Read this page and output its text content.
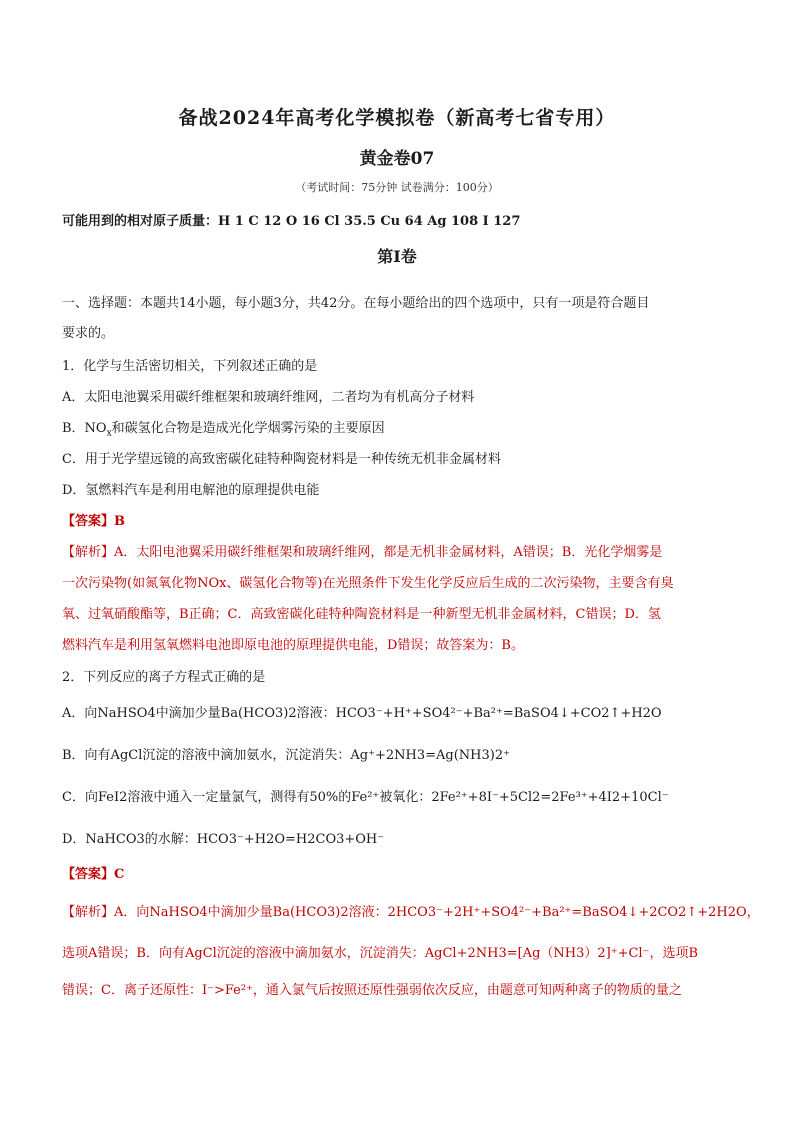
备战2024年高考化学模拟卷（新高考七省专用）
黄金卷07
（考试时间：75分钟 试卷满分：100分）
可能用到的相对原子质量：H 1 C 12 O 16 Cl 35.5 Cu 64 Ag 108 I 127
第Ⅰ卷
一、选择题：本题共14小题，每小题3分，共42分。在每小题给出的四个选项中，只有一项是符合题目
要求的。
1．化学与生活密切相关，下列叙述正确的是
A．太阳电池翼采用碳纤维框架和玻璃纤维网，二者均为有机高分子材料
B．$NO_x$和碳氢化合物是造成光化学烟雾污染的主要原因
C．用于光学望远镜的高致密碳化硅特种陶瓷材料是一种传统无机非金属材料
D．氢燃料汽车是利用电解池的原理提供电能
【答案】B
【解析】A．太阳电池翼采用碳纤维框架和玻璃纤维网，都是无机非金属材料，A错误；B．光化学烟雾是
一次污染物(如氮氧化物NOx、碳氢化合物等)在光照条件下发生化学反应后生成的二次污染物，主要含有臭
氧、过氧硝酸酯等，B正确；C．高致密碳化硅特种陶瓷材料是一种新型无机非金属材料，C错误；D．氢
燃料汽车是利用氢氧燃料电池即原电池的原理提供电能，D错误；故答案为：B。
2．下列反应的离子方程式正确的是
A．向NaHSO4中滴加少量Ba(HCO3)2溶液：HCO3⁻+H⁺+SO4²⁻+Ba²⁺=BaSO4↓+CO2↑+H2O
B．向有AgCl沉淀的溶液中滴加氨水，沉淀消失：Ag⁺+2NH3=Ag(NH3)2⁺
C．向FeI2溶液中通入一定量氯气，测得有50%的Fe²⁺被氧化：2Fe²⁺+8I⁻+5Cl2=2Fe³⁺+4I2+10Cl⁻
D．NaHCO3的水解：HCO3⁻+H2O=H2CO3+OH⁻
【答案】C
【解析】A．向NaHSO4中滴加少量Ba(HCO3)2溶液：2HCO3⁻+2H⁺+SO4²⁻+Ba²⁺=BaSO4↓+2CO2↑+2H2O，
选项A错误；B．向有AgCl沉淀的溶液中滴加氨水，沉淀消失：AgCl+2NH3=[Ag（NH3）2]⁺+Cl⁻，选项B
错误；C．离子还原性：I⁻>Fe²⁺，通入氯气后按照还原性强弱依次反应，由题意可知两种离子的物质的量之
